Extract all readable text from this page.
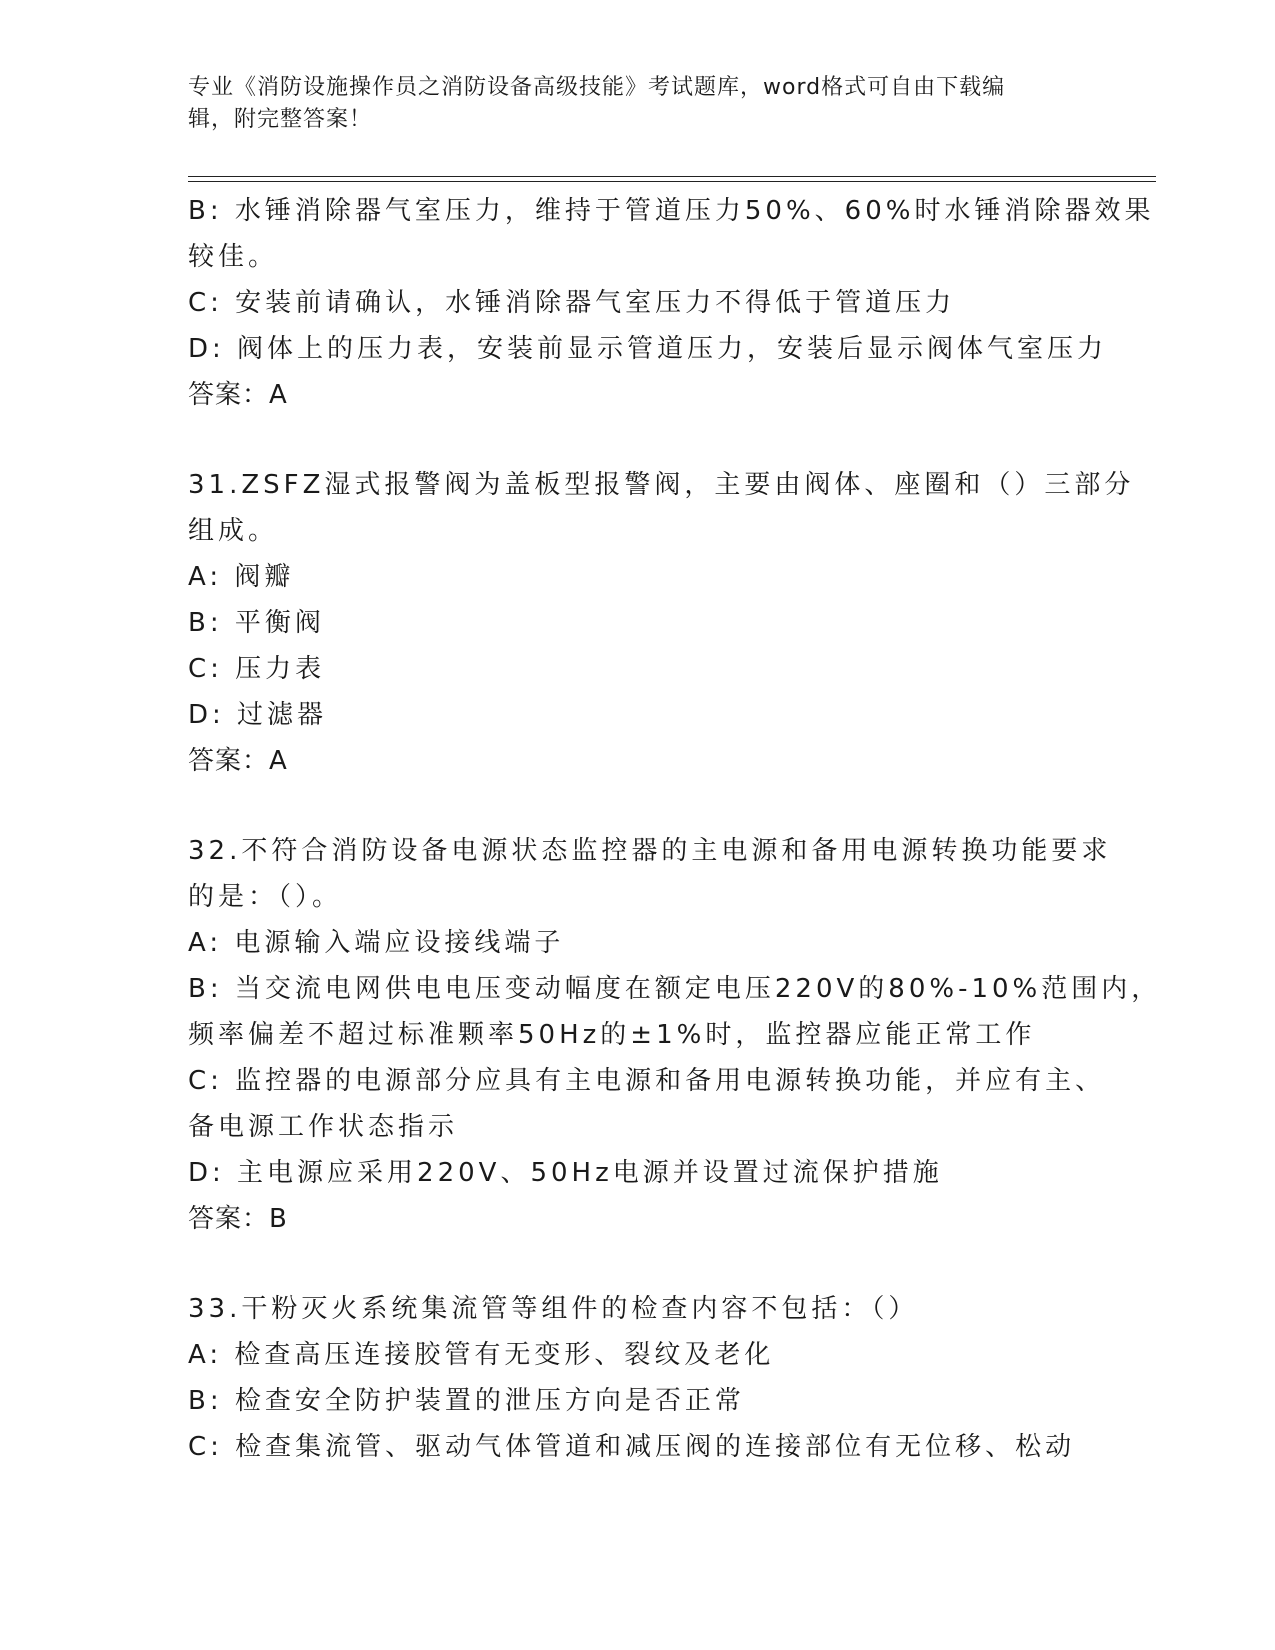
专业《消防设施操作员之消防设备高级技能》考试题库，word格式可自由下载编
辑，附完整答案！
B: 水锤消除器气室压力，维持于管道压力50%、60%时水锤消除器效果
较佳。
C: 安装前请确认，水锤消除器气室压力不得低于管道压力
D: 阀体上的压力表，安装前显示管道压力，安装后显示阀体气室压力
答案：A
31.ZSFZ湿式报警阀为盖板型报警阀，主要由阀体、座圈和（）三部分
组成。
A: 阀瓣
B: 平衡阀
C: 压力表
D: 过滤器
答案：A
32.不符合消防设备电源状态监控器的主电源和备用电源转换功能要求
的是：（）。
A: 电源输入端应设接线端子
B: 当交流电网供电电压变动幅度在额定电压220V的80%-10%范围内，
频率偏差不超过标准颗率50Hz的±1%时，监控器应能正常工作
C: 监控器的电源部分应具有主电源和备用电源转换功能，并应有主、
备电源工作状态指示
D: 主电源应采用220V、50Hz电源并设置过流保护措施
答案：B
33.干粉灭火系统集流管等组件的检查内容不包括：（）
A: 检查高压连接胶管有无变形、裂纹及老化
B: 检查安全防护装置的泄压方向是否正常
C: 检查集流管、驱动气体管道和减压阀的连接部位有无位移、松动
